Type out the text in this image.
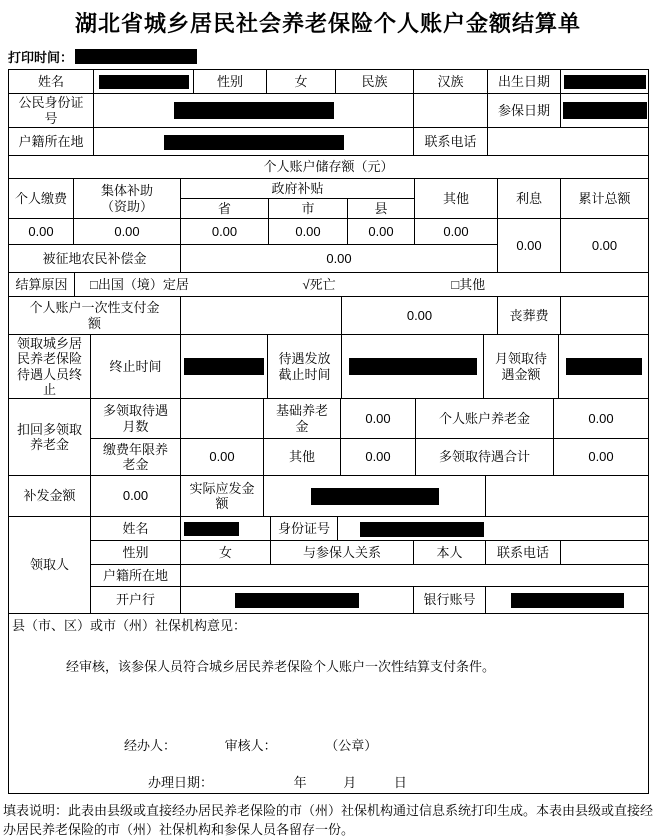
湖北省城乡居民社会养老保险个人账户金额结算单
打印时间：
姓名		性别	女	民族	汉族	出生日期	
公民身份证号						参保日期	
户籍所在地					联系电话		
个人账户储存额（元）
个人缴费	集体补助（资助）	政府补贴			其他	利息	累计总额
		省	市	县			
0.00	0.00	0.00	0.00	0.00	0.00	0.00	0.00
被征地农民补偿金		0.00					
结算原因	□出国（境）定居	√死亡	□其他
个人账户一次性支付金额		0.00	丧葬费	
领取城乡居民养老保险待遇人员终止	终止时间		待遇发放截止时间		月领取待遇金额	
扣回多领取养老金	多领取待遇月数		基础养老金	0.00	个人账户养老金	0.00
	缴费年限养老金	0.00	其他	0.00	多领取待遇合计	0.00
补发金额	0.00	实际应发金额		
领取人	姓名		身份证号				
	性别	女	与参保人关系		本人	联系电话	
	户籍所在地						
	开户行				银行账号		
县（市、区）或市（州）社保机构意见：
经审核，该参保人员符合城乡居民养老保险个人账户一次性结算支付条件。
经办人：	审核人：	（公章）
办理日期：	年	月	日
填表说明：此表由县级或直接经办居民养老保险的市（州）社保机构通过信息系统打印生成。本表由县级或直接经办居民养老保险的市（州）社保机构和参保人员各留存一份。
